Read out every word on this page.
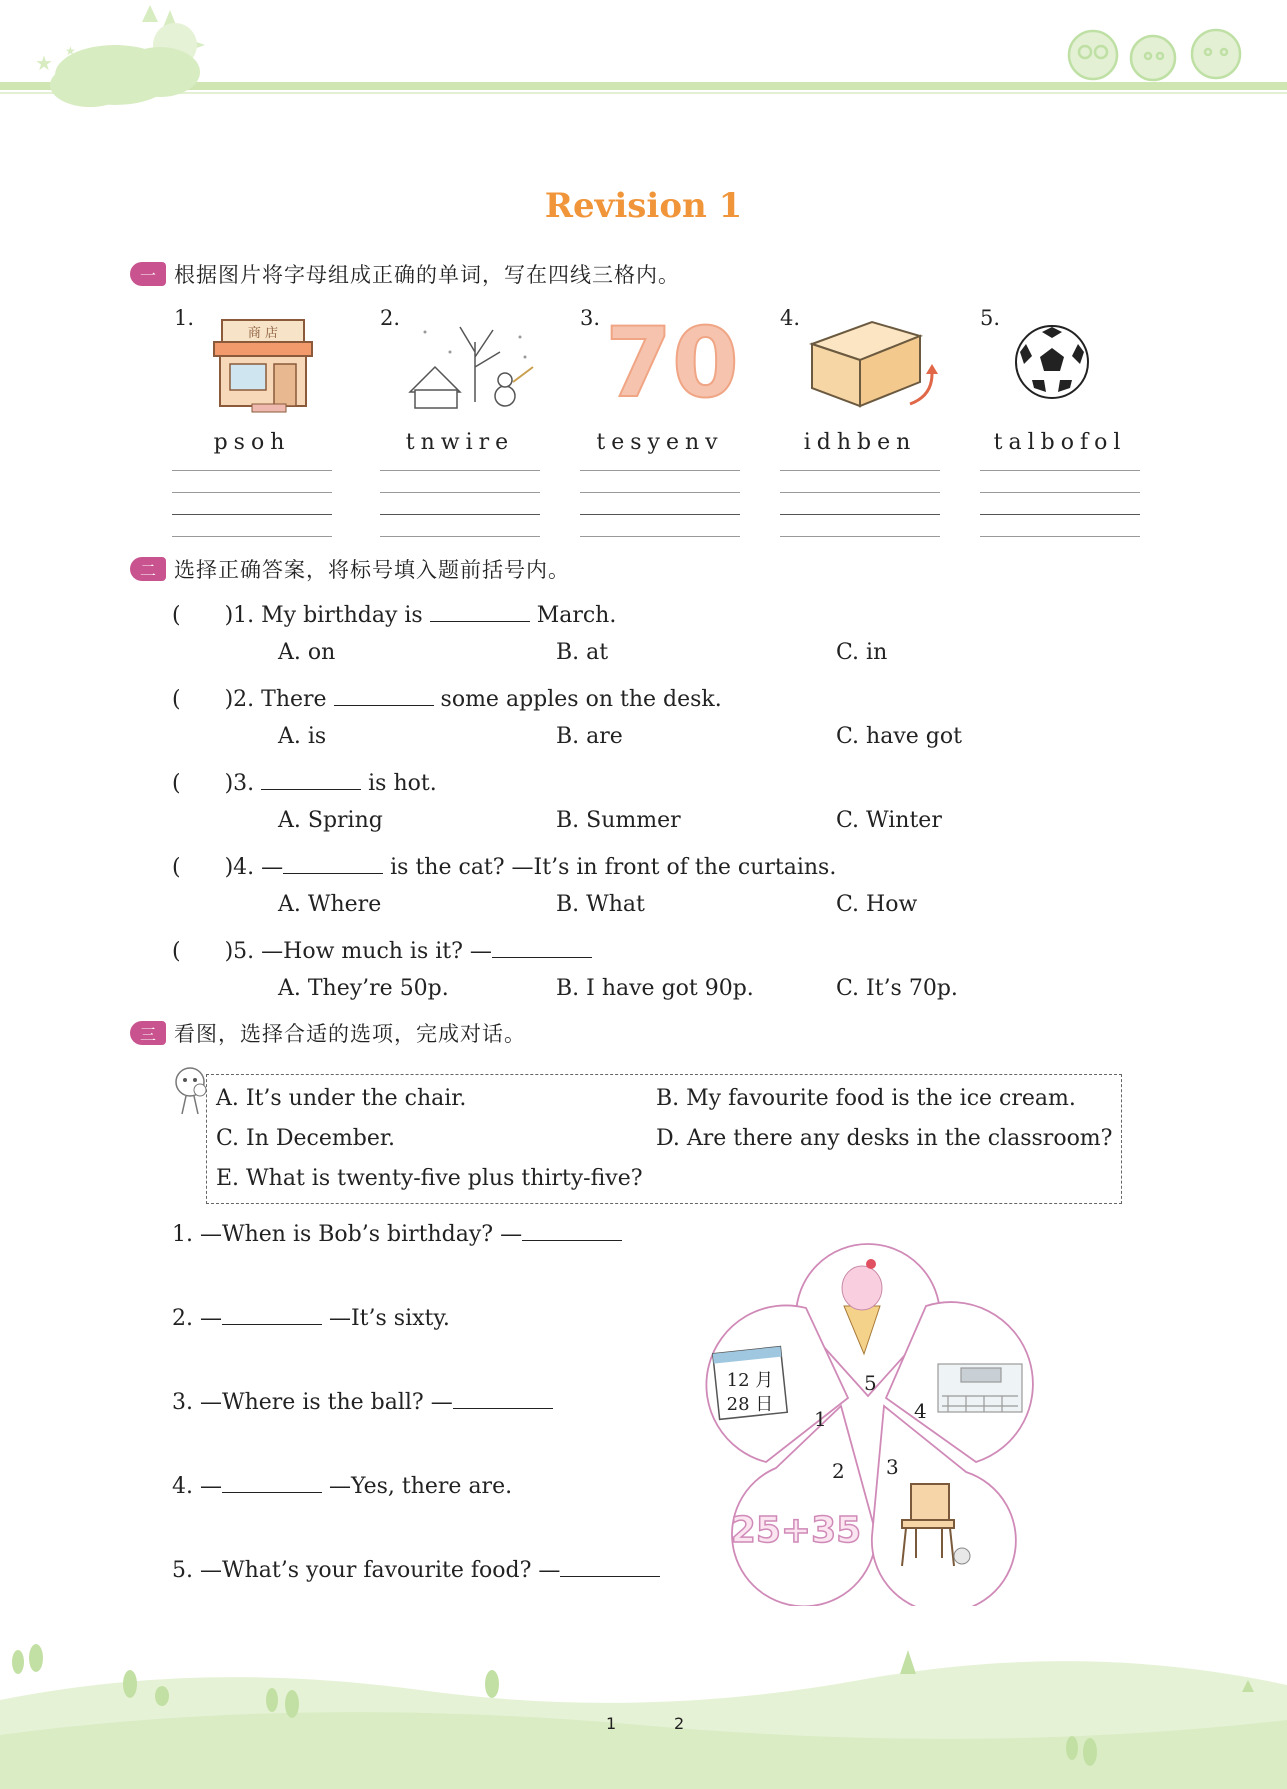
★ ★
Revision 1
一 根据图片将字母组成正确的单词，写在四线三格内。
1.	2.	3.	4.	5.
商 店	70
psoh	tnwire	tesyenv	idhben	talbofol
二 选择正确答案，将标号填入题前括号内。
(　　)1. My birthday is	March.
A. on	B. at	C. in
(　　)2. There	some apples on the desk.
A. is	B. are	C. have got
(　　)3.	is hot.
A. Spring	B. Summer	C. Winter
(　　)4. —	is the cat? —It’s in front of the curtains.
A. Where	B. What	C. How
(　　)5. —How much is it? —
A. They’re 50p.	B. I have got 90p.	C. It’s 70p.
三 看图，选择合适的选项，完成对话。
A. It’s under the chair.	B. My favourite food is the ice cream.
C. In December.	D. Are there any desks in the classroom?
E. What is twenty-five plus thirty-five?
1. —When is Bob’s birthday? —
2. —	—It’s sixty.
3. —Where is the ball? —
4. —	—Yes, there are.
5. —What’s your favourite food? —
12 月
28 日
25+35
5
1	4
2 3
1	2
